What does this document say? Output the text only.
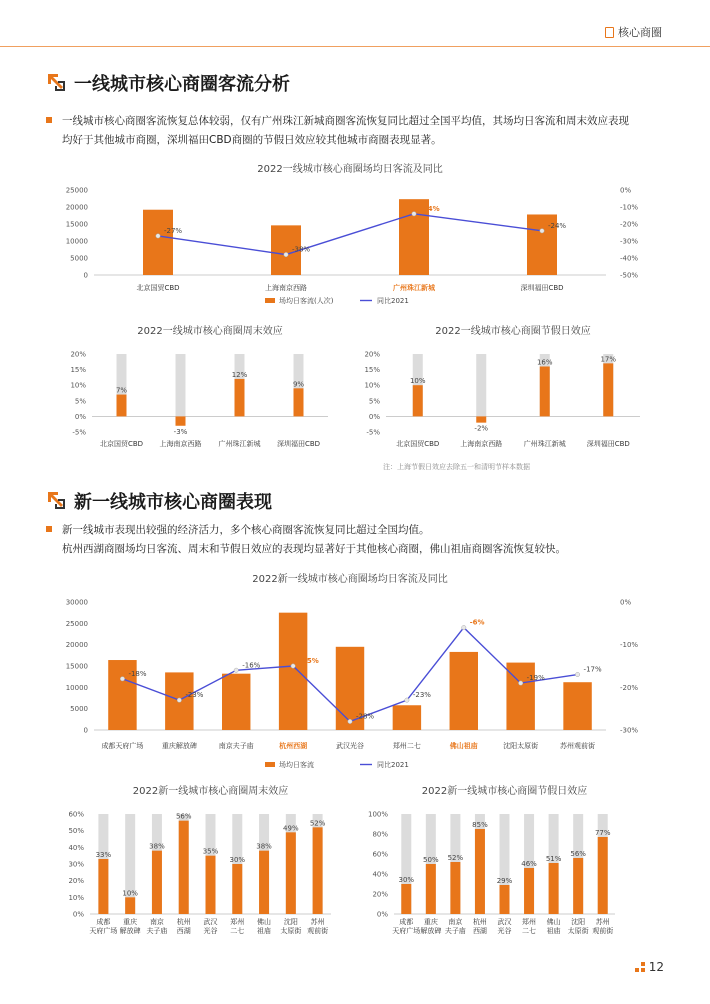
核心商圈
一线城市核心商圈客流分析
一线城市核心商圈客流恢复总体较弱，仅有广州珠江新城商圈客流恢复同比超过全国平均值，其场均日客流和周末效应表现
均好于其他城市商圈，深圳福田CBD商圈的节假日效应较其他城市商圈表现显著。
2022一线城市核心商圈场均日客流及同比
0
5000
10000
15000
20000
25000
北京国贸CBD	上海南京西路	广州珠江新城	深圳福田CBD
-50%
-40%
-30%
-20%
-10%
0%
-27%
-38%
-14%
-24%
场均日客流(人次)	同比2021
2022一线城市核心商圈周末效应
-5%
0%
5%
10%
15%
20%
7%
-3%
12%
9%
北京国贸CBD 上海南京西路 广州珠江新城 深圳福田CBD
2022一线城市核心商圈节假日效应
-5%
0%
5%
10%
15%
20%
10%
-2%
16%	17%
北京国贸CBD	上海南京西路	广州珠江新城	深圳福田CBD
注：上海节假日效应去除五一和清明节样本数据
新一线城市核心商圈表现
新一线城市表现出较强的经济活力，多个核心商圈客流恢复同比超过全国均值。
杭州西湖商圈场均日客流、周末和节假日效应的表现均显著好于其他核心商圈，佛山祖庙商圈客流恢复较快。
2022新一线城市核心商圈场均日客流及同比
0
5000
10000
15000
20000
25000
30000
成都天府广场	重庆解放碑	南京夫子庙	杭州西湖	武汉光谷	郑州二七	佛山祖庙	沈阳太原街	苏州观前街
-30%
-20%
-10%
0%
-18%
-23%
-16%
-15%
-28%
-23%
-6%
-19%
-17%
场均日客流	同比2021
2022新一线城市核心商圈周末效应
0%
10%
20%
30%
40%
50%
60%
33%
10%
38%
56%
35%
30%
38%
49%
52%
成都天府广场
重庆解放碑
南京夫子庙
杭州西湖
武汉光谷
郑州二七
佛山祖庙
沈阳太原街
苏州观前街
2022新一线城市核心商圈节假日效应
0%
20%
40%
60%
80%
100%
30%
50% 52%
85%
29%
46%
51%
56%
77%
成都天府广场
重庆解放碑
南京夫子庙
杭州西湖
武汉光谷
郑州二七
佛山祖庙
沈阳太原街
苏州观前街
12
